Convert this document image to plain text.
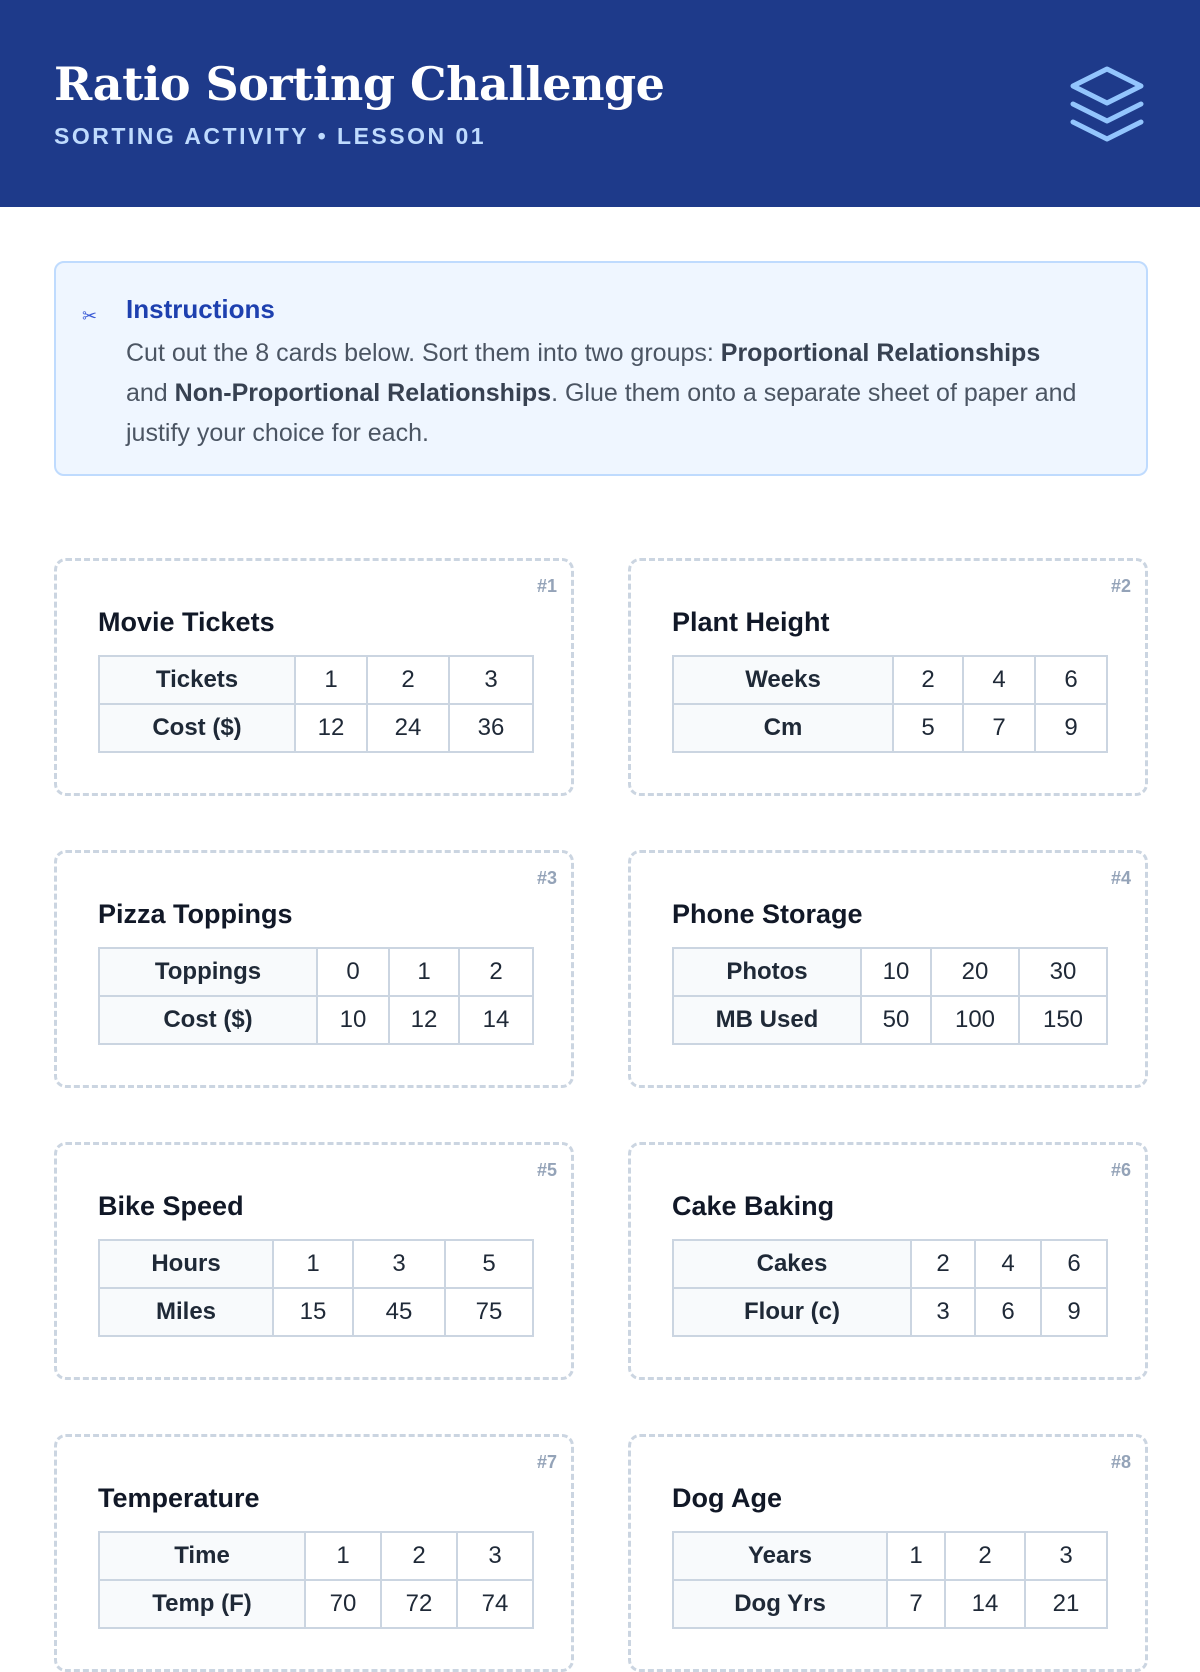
Ratio Sorting Challenge
SORTING ACTIVITY • LESSON 01
✂ Instructions
Cut out the 8 cards below. Sort them into two groups: Proportional Relationships and Non-Proportional Relationships. Glue them onto a separate sheet of paper and justify your choice for each.
#1
Movie Tickets
Tickets	1	2	3
Cost ($)	12	24	36
#2
Plant Height
Weeks	2	4	6
Cm	5	7	9
#3
Pizza Toppings
Toppings	0	1	2
Cost ($)	10	12	14
#4
Phone Storage
Photos	10	20	30
MB Used	50	100	150
#5
Bike Speed
Hours	1	3	5
Miles	15	45	75
#6
Cake Baking
Cakes	2	4	6
Flour (c)	3	6	9
#7
Temperature
Time	1	2	3
Temp (F)	70	72	74
#8
Dog Age
Years	1	2	3
Dog Yrs	7	14	21
